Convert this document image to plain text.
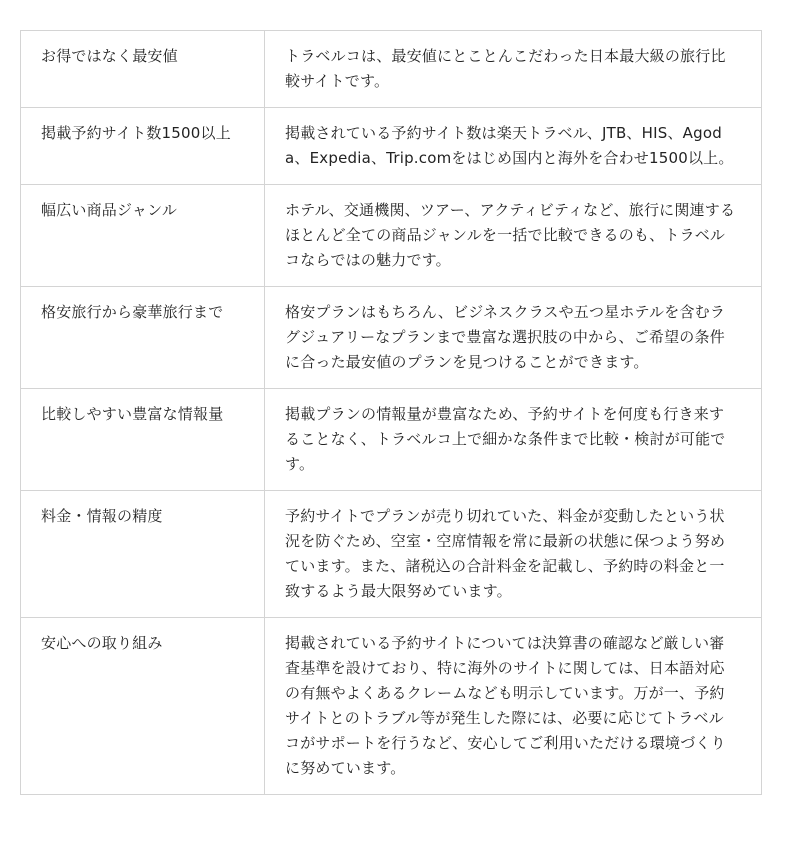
お得ではなく最安値	トラベルコは、最安値にとことんこだわった日本最大級の旅行比較サイトです。
掲載予約サイト数1500以上	掲載されている予約サイト数は楽天トラベル、JTB、HIS、Agoda、Expedia、Trip.comをはじめ国内と海外を合わせ1500以上。
幅広い商品ジャンル	ホテル、交通機関、ツアー、アクティビティなど、旅行に関連するほとんど全ての商品ジャンルを一括で比較できるのも、トラベルコならではの魅力です。
格安旅行から豪華旅行まで	格安プランはもちろん、ビジネスクラスや五つ星ホテルを含むラグジュアリーなプランまで豊富な選択肢の中から、ご希望の条件に合った最安値のプランを見つけることができます。
比較しやすい豊富な情報量	掲載プランの情報量が豊富なため、予約サイトを何度も行き来することなく、トラベルコ上で細かな条件まで比較・検討が可能です。
料金・情報の精度	予約サイトでプランが売り切れていた、料金が変動したという状況を防ぐため、空室・空席情報を常に最新の状態に保つよう努めています。また、諸税込の合計料金を記載し、予約時の料金と一致するよう最大限努めています。
安心への取り組み	掲載されている予約サイトについては決算書の確認など厳しい審査基準を設けており、特に海外のサイトに関しては、日本語対応の有無やよくあるクレームなども明示しています。万が一、予約サイトとのトラブル等が発生した際には、必要に応じてトラベルコがサポートを行うなど、安心してご利用いただける環境づくりに努めています。
